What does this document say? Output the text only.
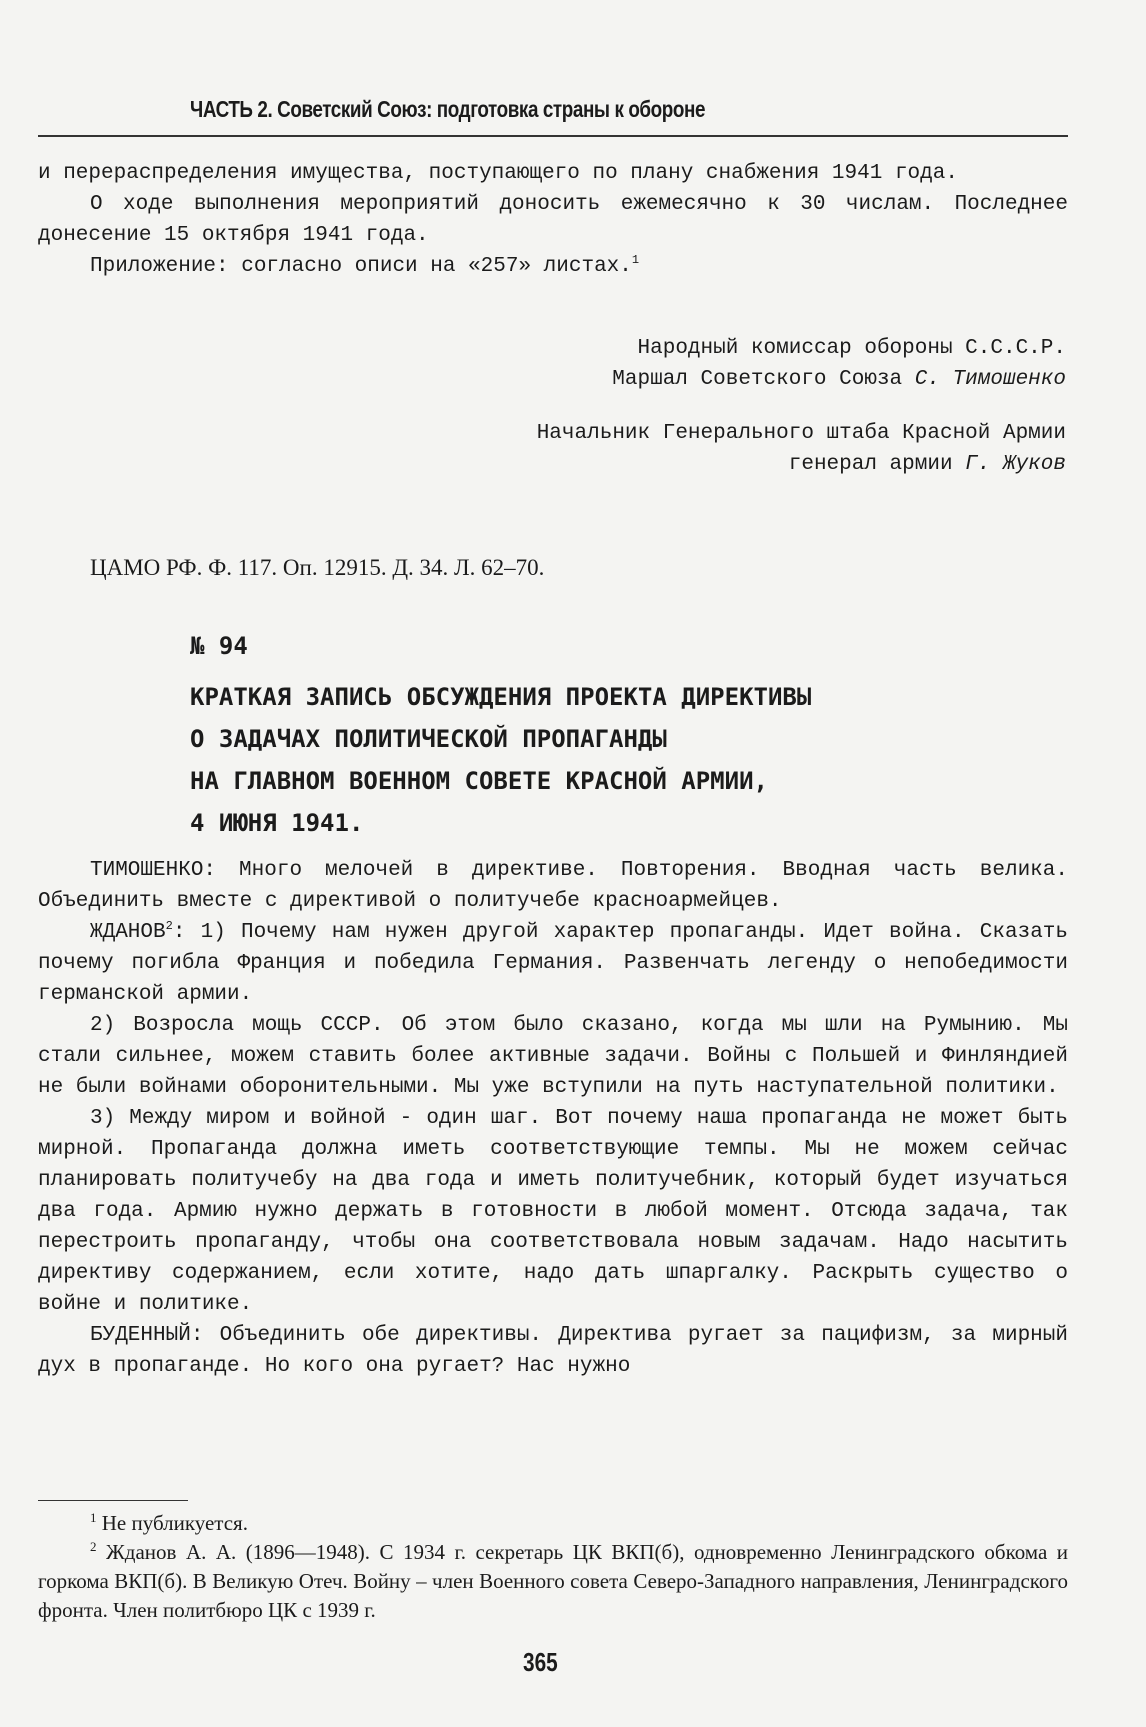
ЧАСТЬ 2. Советский Союз: подготовка страны к обороне

и перераспределения имущества, поступающего по плану снабжения 1941 года.

О ходе выполнения мероприятий доносить ежемесячно к 30 числам. Последнее донесение 15 октября 1941 года.

Приложение: согласно описи на «257» листах.$^1$

Народный комиссар обороны С.С.С.Р.
Маршал Советского Союза С. Тимошенко
Начальник Генерального штаба Красной Армии
генерал армии Г. Жуков
ЦАМО РФ. Ф. 117. Оп. 12915. Д. 34. Л. 62–70.
№ 94
КРАТКАЯ ЗАПИСЬ ОБСУЖДЕНИЯ ПРОЕКТА ДИРЕКТИВЫ
О ЗАДАЧАХ ПОЛИТИЧЕСКОЙ ПРОПАГАНДЫ
НА ГЛАВНОМ ВОЕННОМ СОВЕТЕ КРАСНОЙ АРМИИ,
4 ИЮНЯ 1941.

ТИМОШЕНКО: Много мелочей в директиве. Повторения. Вводная часть велика. Объединить вместе с директивой о политучебе красноармейцев.

ЖДАНОВ$^2$: 1) Почему нам нужен другой характер пропаганды. Идет война. Сказать почему погибла Франция и победила Германия. Развенчать легенду о непобедимости германской армии.

2) Возросла мощь СССР. Об этом было сказано, когда мы шли на Румынию. Мы стали сильнее, можем ставить более активные задачи. Войны с Польшей и Финляндией не были войнами оборонительными. Мы уже вступили на путь наступательной политики.

3) Между миром и войной - один шаг. Вот почему наша пропаганда не может быть мирной. Пропаганда должна иметь соответствующие темпы. Мы не можем сейчас планировать политучебу на два года и иметь политучебник, который будет изучаться два года. Армию нужно держать в готовности в любой момент. Отсюда задача, так перестроить пропаганду, чтобы она соответствовала новым задачам. Надо насытить директиву содержанием, если хотите, надо дать шпаргалку. Раскрыть существо о войне и политике.

БУДЕННЫЙ: Объединить обе директивы. Директива ругает за пацифизм, за мирный дух в пропаганде. Но кого она ругает? Нас нужно

$^1$ Не публикуется.

$^2$ Жданов А. А. (1896—1948). С 1934 г. секретарь ЦК ВКП(б), одновременно Ленинградского обкома и горкома ВКП(б). В Великую Отеч. Войну – член Военного совета Северо-Западного направления, Ленинградского фронта. Член политбюро ЦК с 1939 г.

365
